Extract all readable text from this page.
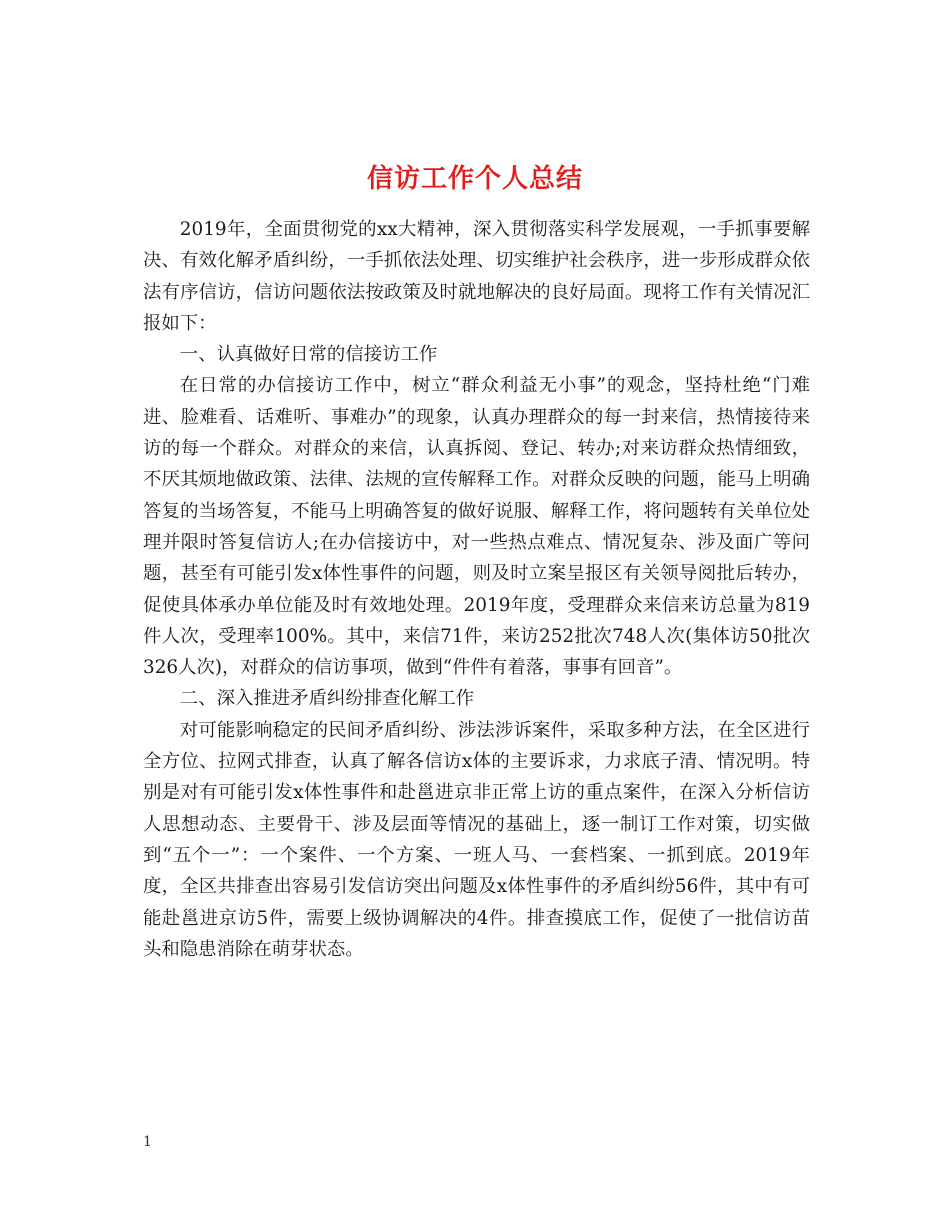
信访工作个人总结

2019年，全面贯彻党的xx大精神，深入贯彻落实科学发展观，一手抓事要解决、有效化解矛盾纠纷，一手抓依法处理、切实维护社会秩序，进一步形成群众依法有序信访，信访问题依法按政策及时就地解决的良好局面。现将工作有关情况汇报如下：

一、认真做好日常的信接访工作

在日常的办信接访工作中，树立“群众利益无小事”的观念，坚持杜绝“门难进、脸难看、话难听、事难办”的现象，认真办理群众的每一封来信，热情接待来访的每一个群众。对群众的来信，认真拆阅、登记、转办;对来访群众热情细致，不厌其烦地做政策、法律、法规的宣传解释工作。对群众反映的问题，能马上明确答复的当场答复，不能马上明确答复的做好说服、解释工作，将问题转有关单位处理并限时答复信访人;在办信接访中，对一些热点难点、情况复杂、涉及面广等问题，甚至有可能引发x体性事件的问题，则及时立案呈报区有关领导阅批后转办，促使具体承办单位能及时有效地处理。2019年度，受理群众来信来访总量为819件人次，受理率100%。其中，来信71件，来访252批次748人次(集体访50批次326人次)，对群众的信访事项，做到“件件有着落，事事有回音”。

二、深入推进矛盾纠纷排查化解工作

对可能影响稳定的民间矛盾纠纷、涉法涉诉案件，采取多种方法，在全区进行全方位、拉网式排查，认真了解各信访x体的主要诉求，力求底子清、情况明。特别是对有可能引发x体性事件和赴邕进京非正常上访的重点案件，在深入分析信访人思想动态、主要骨干、涉及层面等情况的基础上，逐一制订工作对策，切实做到“五个一”：一个案件、一个方案、一班人马、一套档案、一抓到底。2019年度，全区共排查出容易引发信访突出问题及x体性事件的矛盾纠纷56件，其中有可能赴邕进京访5件，需要上级协调解决的4件。排查摸底工作，促使了一批信访苗头和隐患消除在萌芽状态。

1
